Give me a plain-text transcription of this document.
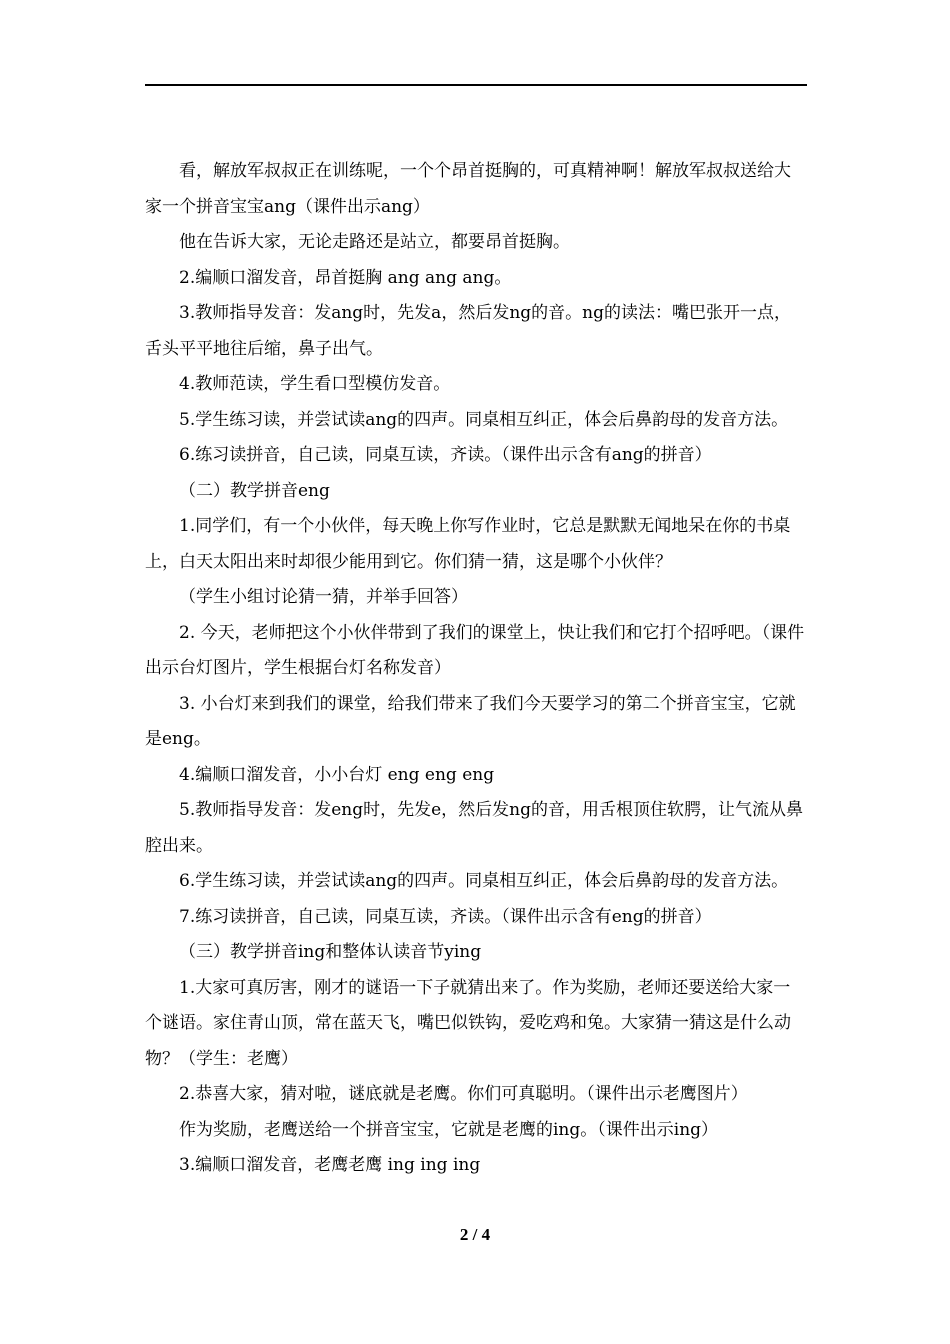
看，解放军叔叔正在训练呢，一个个昂首挺胸的，可真精神啊！解放军叔叔送给大家一个拼音宝宝ang（课件出示ang）

他在告诉大家，无论走路还是站立，都要昂首挺胸。

2.编顺口溜发音，昂首挺胸 ang ang ang。

3.教师指导发音：发ang时，先发a，然后发ng的音。ng的读法：嘴巴张开一点，舌头平平地往后缩，鼻子出气。

4.教师范读，学生看口型模仿发音。

5.学生练习读，并尝试读ang的四声。同桌相互纠正，体会后鼻韵母的发音方法。

6.练习读拼音，自己读，同桌互读，齐读。（课件出示含有ang的拼音）

（二）教学拼音eng

1.同学们，有一个小伙伴，每天晚上你写作业时，它总是默默无闻地呆在你的书桌上，白天太阳出来时却很少能用到它。你们猜一猜，这是哪个小伙伴？

（学生小组讨论猜一猜，并举手回答）

2. 今天，老师把这个小伙伴带到了我们的课堂上，快让我们和它打个招呼吧。（课件出示台灯图片，学生根据台灯名称发音）

3. 小台灯来到我们的课堂，给我们带来了我们今天要学习的第二个拼音宝宝，它就是eng。

4.编顺口溜发音，小小台灯 eng eng eng

5.教师指导发音：发eng时，先发e，然后发ng的音，用舌根顶住软腭，让气流从鼻腔出来。

6.学生练习读，并尝试读ang的四声。同桌相互纠正，体会后鼻韵母的发音方法。

7.练习读拼音，自己读，同桌互读，齐读。（课件出示含有eng的拼音）

（三）教学拼音ing和整体认读音节ying

1.大家可真厉害，刚才的谜语一下子就猜出来了。作为奖励，老师还要送给大家一个谜语。家住青山顶，常在蓝天飞，嘴巴似铁钩，爱吃鸡和兔。大家猜一猜这是什么动物？（学生：老鹰）

2.恭喜大家，猜对啦，谜底就是老鹰。你们可真聪明。（课件出示老鹰图片）

作为奖励，老鹰送给一个拼音宝宝，它就是老鹰的ing。（课件出示ing）

3.编顺口溜发音，老鹰老鹰 ing ing ing

2 / 4
